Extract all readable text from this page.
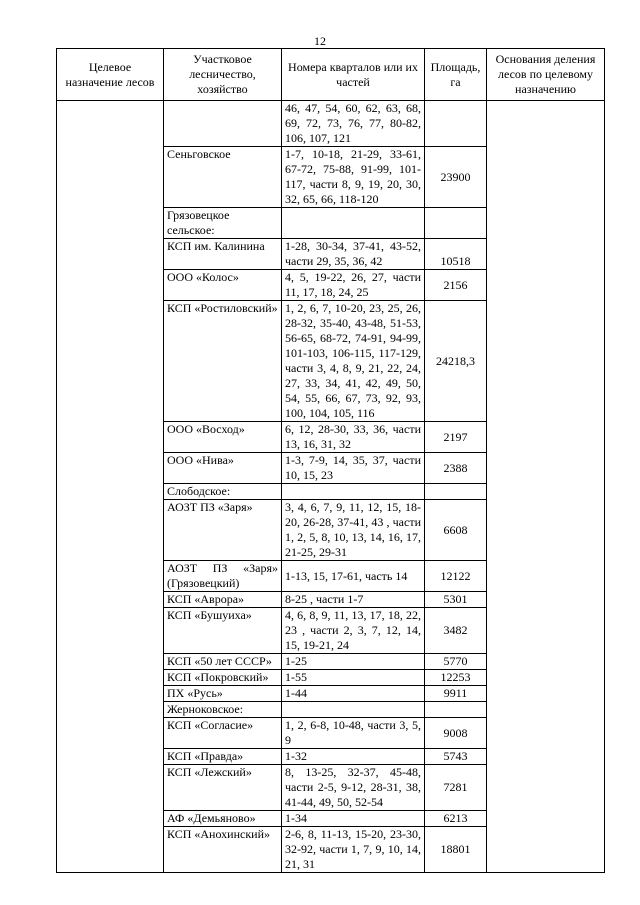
12
Целевое назначение лесов	Участковое лесничество, хозяйство	Номера кварталов или их частей	Площадь, га	Основания деления лесов по целевому назначению
		46, 47, 54, 60, 62, 63, 68, 69, 72, 73, 76, 77, 80-82, 106, 107, 121		
	Сеньговское	1-7, 10-18, 21-29, 33-61, 67-72, 75-88, 91-99, 101-117, части 8, 9, 19, 20, 30, 32, 65, 66, 118-120	23900	
	Грязовецкое сельское:			
	КСП им. Калинина	1-28, 30-34, 37-41, 43-52, части 29, 35, 36, 42	10518	
	ООО «Колос»	4, 5, 19-22, 26, 27, части 11, 17, 18, 24, 25	2156	
	КСП «Ростиловский»	1, 2, 6, 7, 10-20, 23, 25, 26, 28-32, 35-40, 43-48, 51-53, 56-65, 68-72, 74-91, 94-99, 101-103, 106-115, 117-129, части 3, 4, 8, 9, 21, 22, 24, 27, 33, 34, 41, 42, 49, 50, 54, 55, 66, 67, 73, 92, 93, 100, 104, 105, 116	24218,3	
	ООО «Восход»	6, 12, 28-30, 33, 36, части 13, 16, 31, 32	2197	
	ООО «Нива»	1-3, 7-9, 14, 35, 37, части 10, 15, 23	2388	
	Слободское:			
	АОЗТ ПЗ «Заря»	3, 4, 6, 7, 9, 11, 12, 15, 18-20, 26-28, 37-41, 43 , части 1, 2, 5, 8, 10, 13, 14, 16, 17, 21-25, 29-31	6608	
	АОЗТ ПЗ «Заря» (Грязовецкий)	1-13, 15, 17-61, часть 14	12122	
	КСП «Аврора»	8-25 , части 1-7	5301	
	КСП «Бушуиха»	4, 6, 8, 9, 11, 13, 17, 18, 22, 23 , части 2, 3, 7, 12, 14, 15, 19-21, 24	3482	
	КСП «50 лет СССР»	1-25	5770	
	КСП «Покровский»	1-55	12253	
	ПХ «Русь»	1-44	9911	
	Жерноковское:			
	КСП «Согласие»	1, 2, 6-8, 10-48, части 3, 5, 9	9008	
	КСП «Правда»	1-32	5743	
	КСП «Лежский»	8, 13-25, 32-37, 45-48, части 2-5, 9-12, 28-31, 38, 41-44, 49, 50, 52-54	7281	
	АФ «Демьяново»	1-34	6213	
	КСП «Анохинский»	2-6, 8, 11-13, 15-20, 23-30, 32-92, части 1, 7, 9, 10, 14, 21, 31	18801	
